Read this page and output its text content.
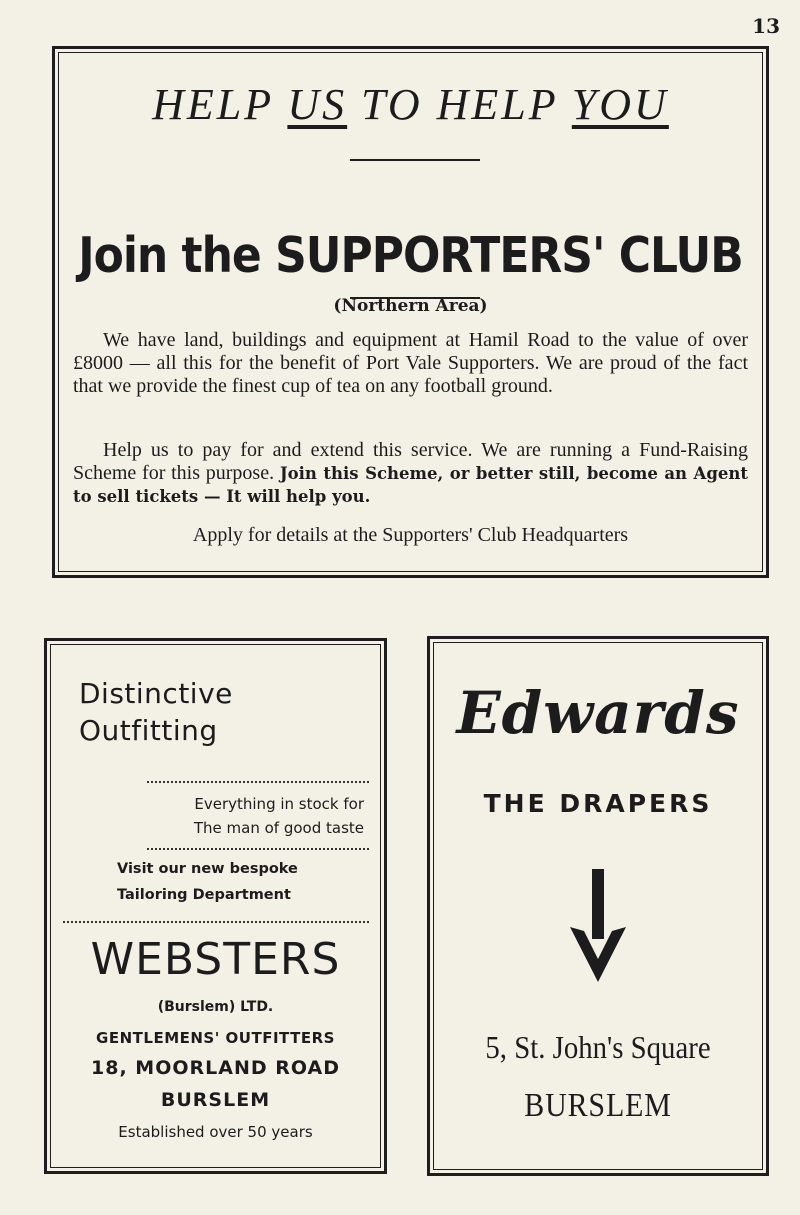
13
HELP US TO HELP YOU
Join the SUPPORTERS' CLUB
(Northern Area)

We have land, buildings and equipment at Hamil Road to the value of over £8000 — all this for the benefit of Port Vale Supporters. We are proud of the fact that we provide the finest cup of tea on any football ground.

Help us to pay for and extend this service. We are running a Fund-Raising Scheme for this purpose. Join this Scheme, or better still, become an Agent to sell tickets — It will help you.

Apply for details at the Supporters' Club Headquarters
Distinctive
Outfitting
Everything in stock for
The man of good taste
Visit our new bespoke
Tailoring Department
WEBSTERS
(Burslem) LTD.
GENTLEMENS' OUTFITTERS
18, MOORLAND ROAD
BURSLEM
Established over 50 years
Edwards
THE DRAPERS
5, St. John's Square
BURSLEM
